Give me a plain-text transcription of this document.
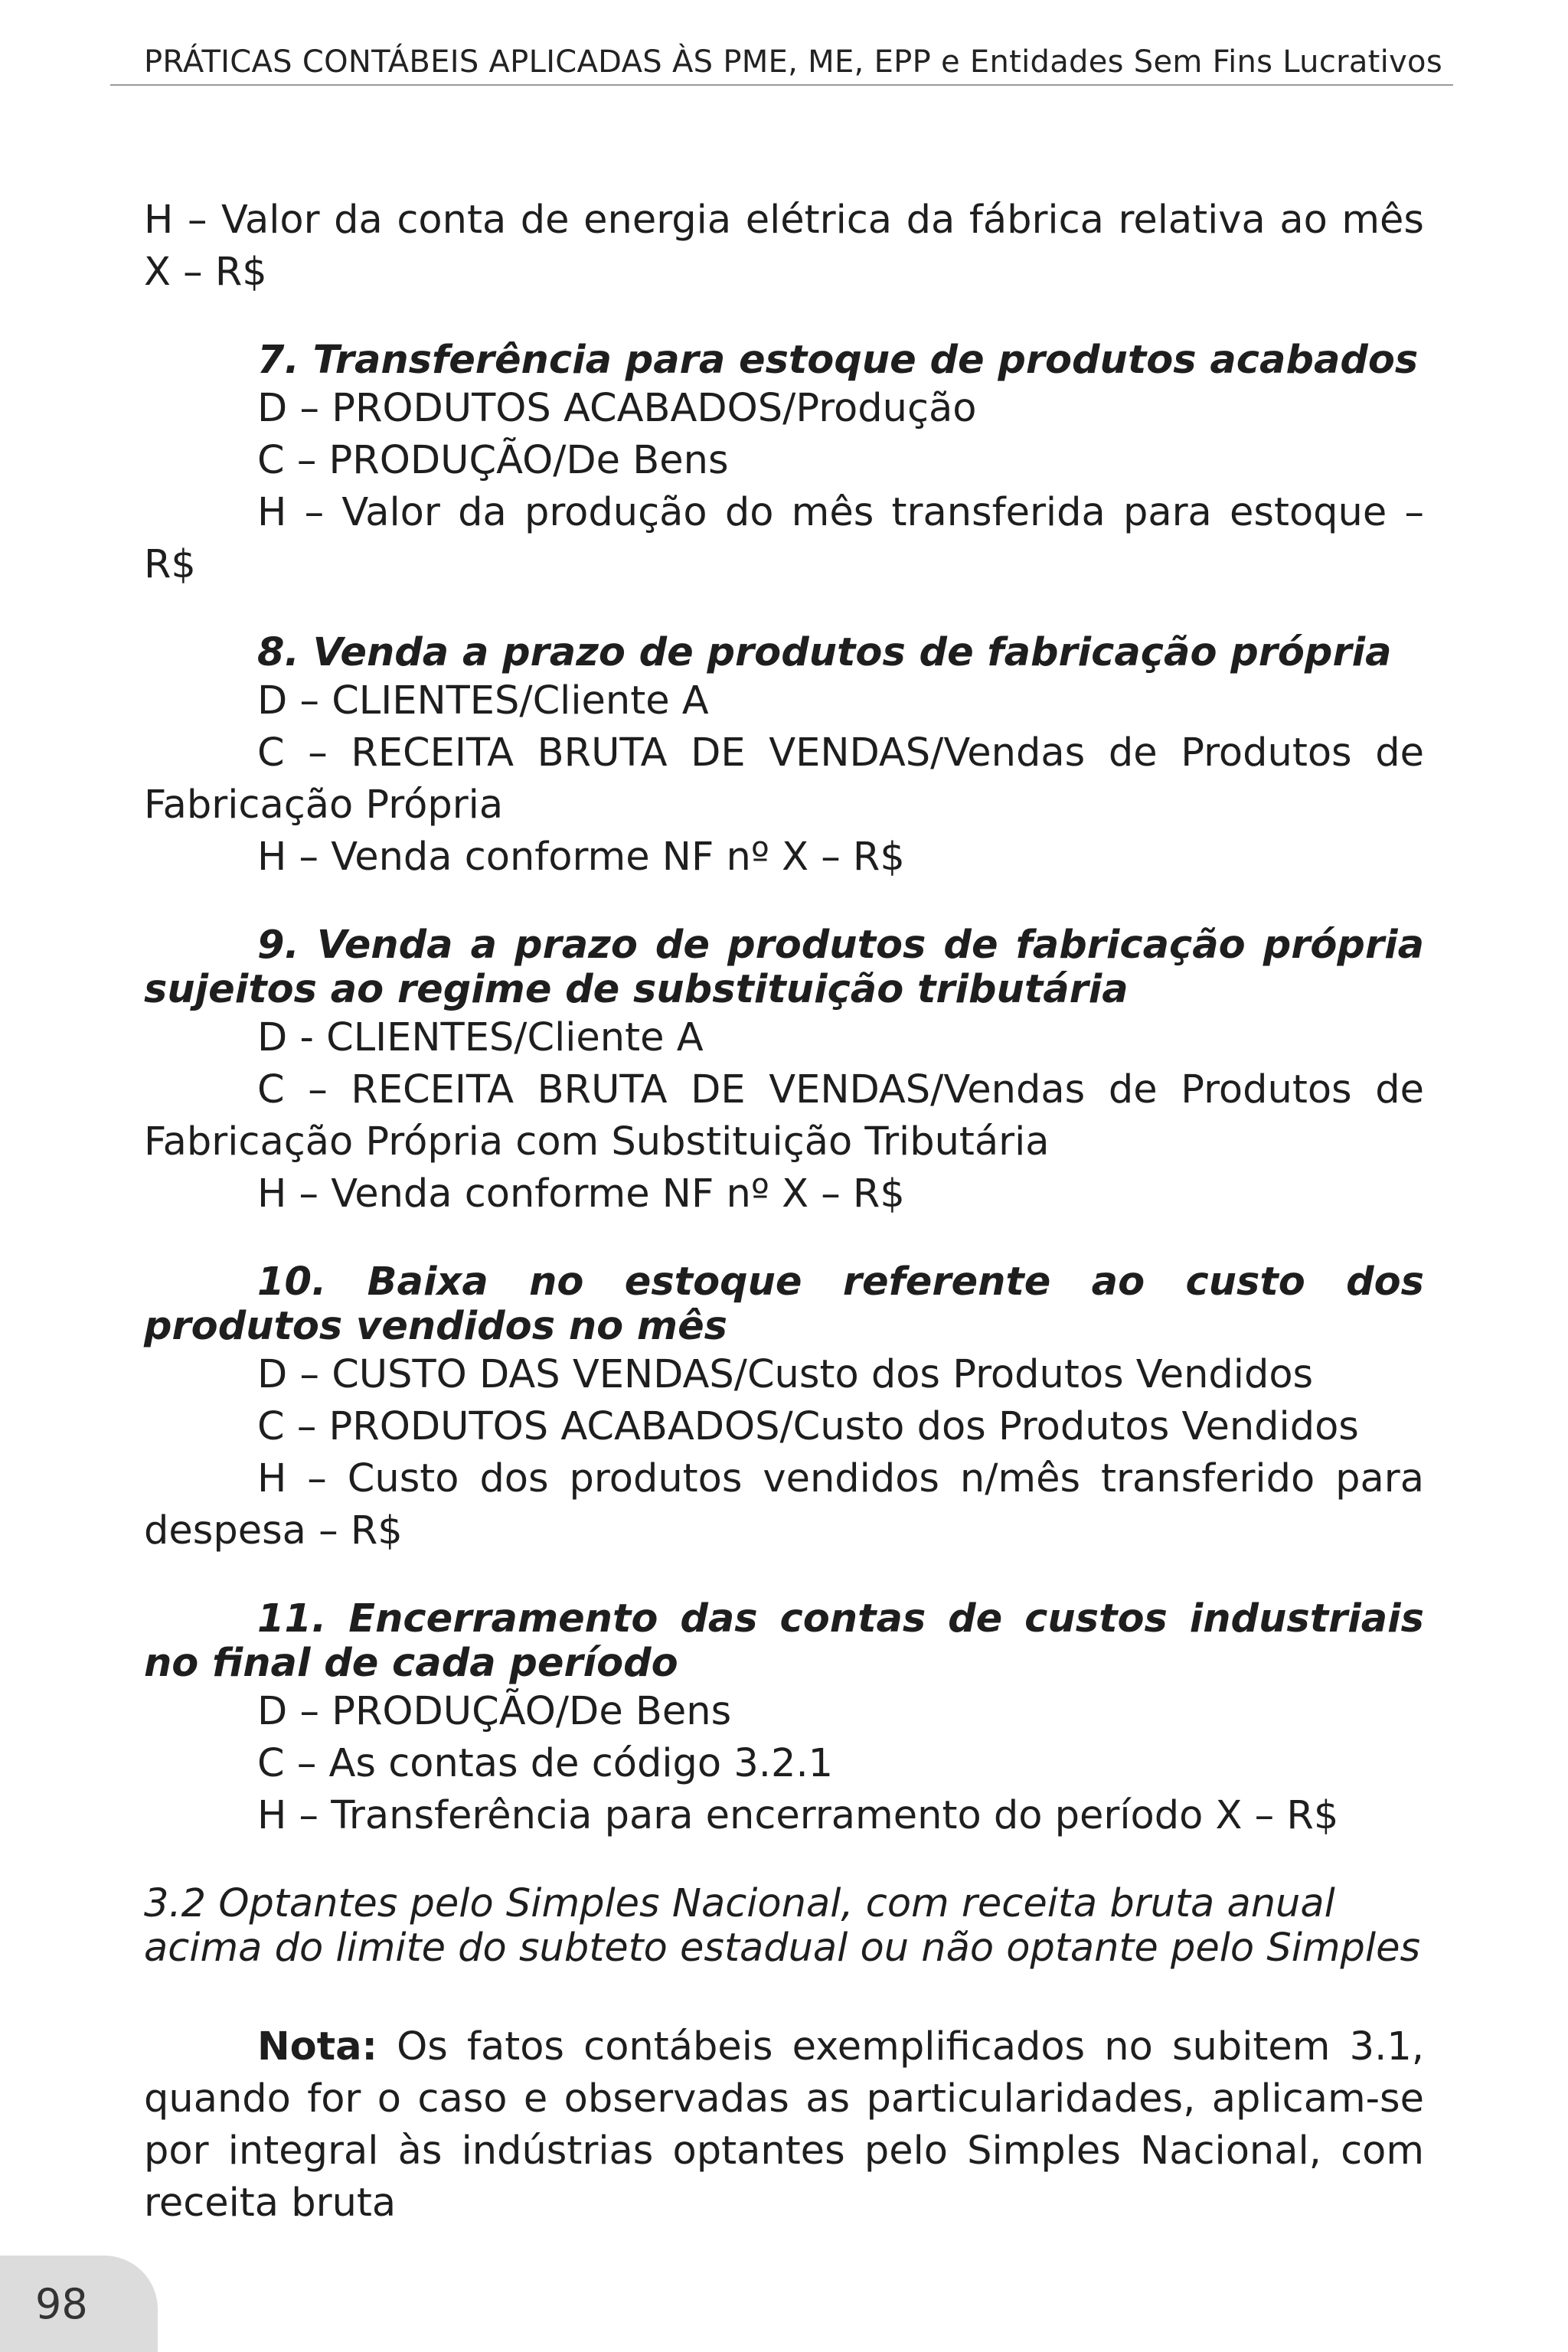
PRÁTICAS CONTÁBEIS APLICADAS ÀS PME, ME, EPP e Entidades Sem Fins Lucrativos

H – Valor da conta de energia elétrica da fábrica relativa ao mês X – R$

7. Transferência para estoque de produtos acabados

D – PRODUTOS ACABADOS/Produção

C – PRODUÇÃO/De Bens

H – Valor da produção do mês transferida para estoque – R$

8. Venda a prazo de produtos de fabricação própria

D – CLIENTES/Cliente A

C – RECEITA BRUTA DE VENDAS/Vendas de Produtos de Fabricação Própria

H – Venda conforme NF nº X – R$

9. Venda a prazo de produtos de fabricação própria sujeitos ao regime de substituição tributária

D - CLIENTES/Cliente A

C – RECEITA BRUTA DE VENDAS/Vendas de Produtos de Fabricação Própria com Substituição Tributária

H – Venda conforme NF nº X – R$

10. Baixa no estoque referente ao custo dos produtos vendidos no mês

D – CUSTO DAS VENDAS/Custo dos Produtos Vendidos

C – PRODUTOS ACABADOS/Custo dos Produtos Vendidos

H – Custo dos produtos vendidos n/mês transferido para despesa – R$

11. Encerramento das contas de custos industriais no final de cada período

D – PRODUÇÃO/De Bens

C – As contas de código 3.2.1

H – Transferência para encerramento do período X – R$

3.2 Optantes pelo Simples Nacional, com receita bruta anual acima do limite do subteto estadual ou não optante pelo Simples

Nota: Os fatos contábeis exemplificados no subitem 3.1, quando for o caso e observadas as particularidades, aplicam-se por integral às indústrias optantes pelo Simples Nacional, com receita bruta

98
